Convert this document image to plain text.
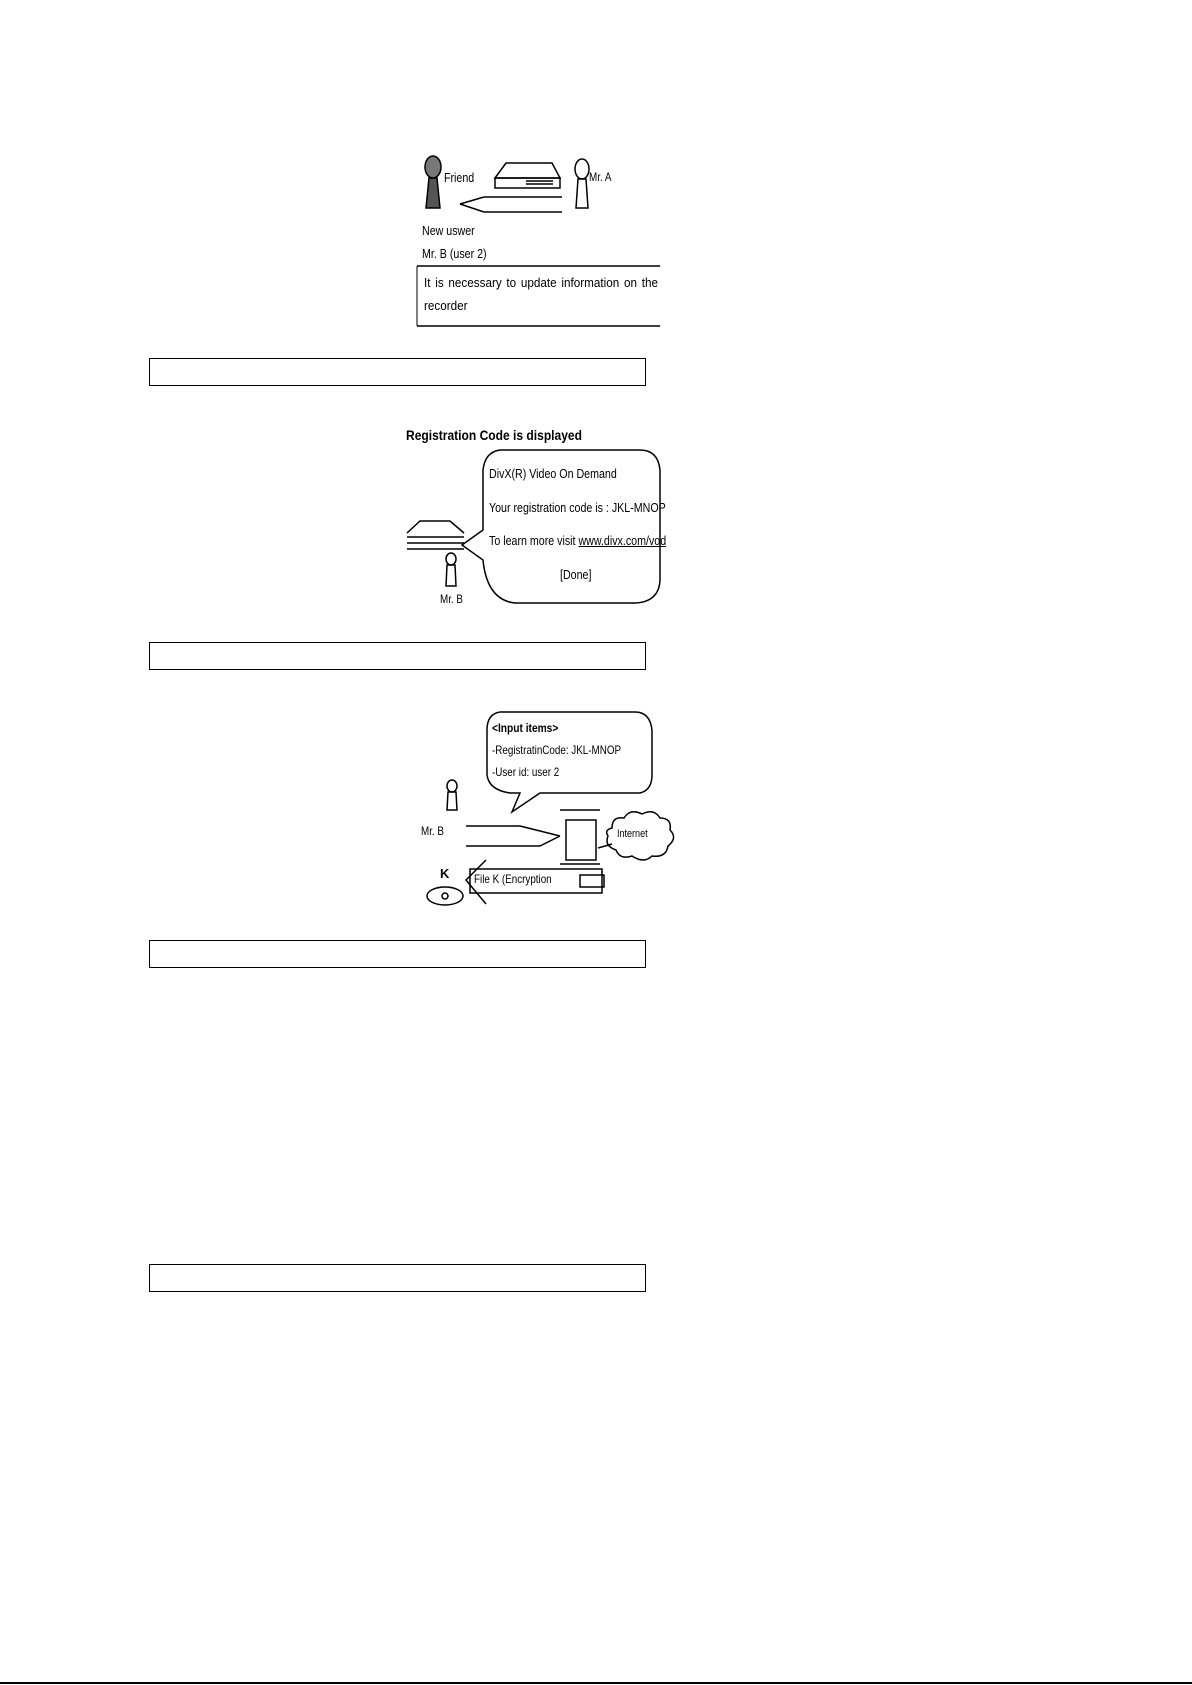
Friend	Mr. A
New uswer
Mr. B (user 2)
It is necessary to update information on the recorder
Registration Code is displayed
DivX(R) Video On Demand
Your registration code is : JKL-MNOP
To learn more visit www.divx.com/vod
[Done]
Mr. B
<Input items>
-RegistratinCode: JKL-MNOP
-User id: user 2
Mr. B	Internet
File K (Encryption
K
